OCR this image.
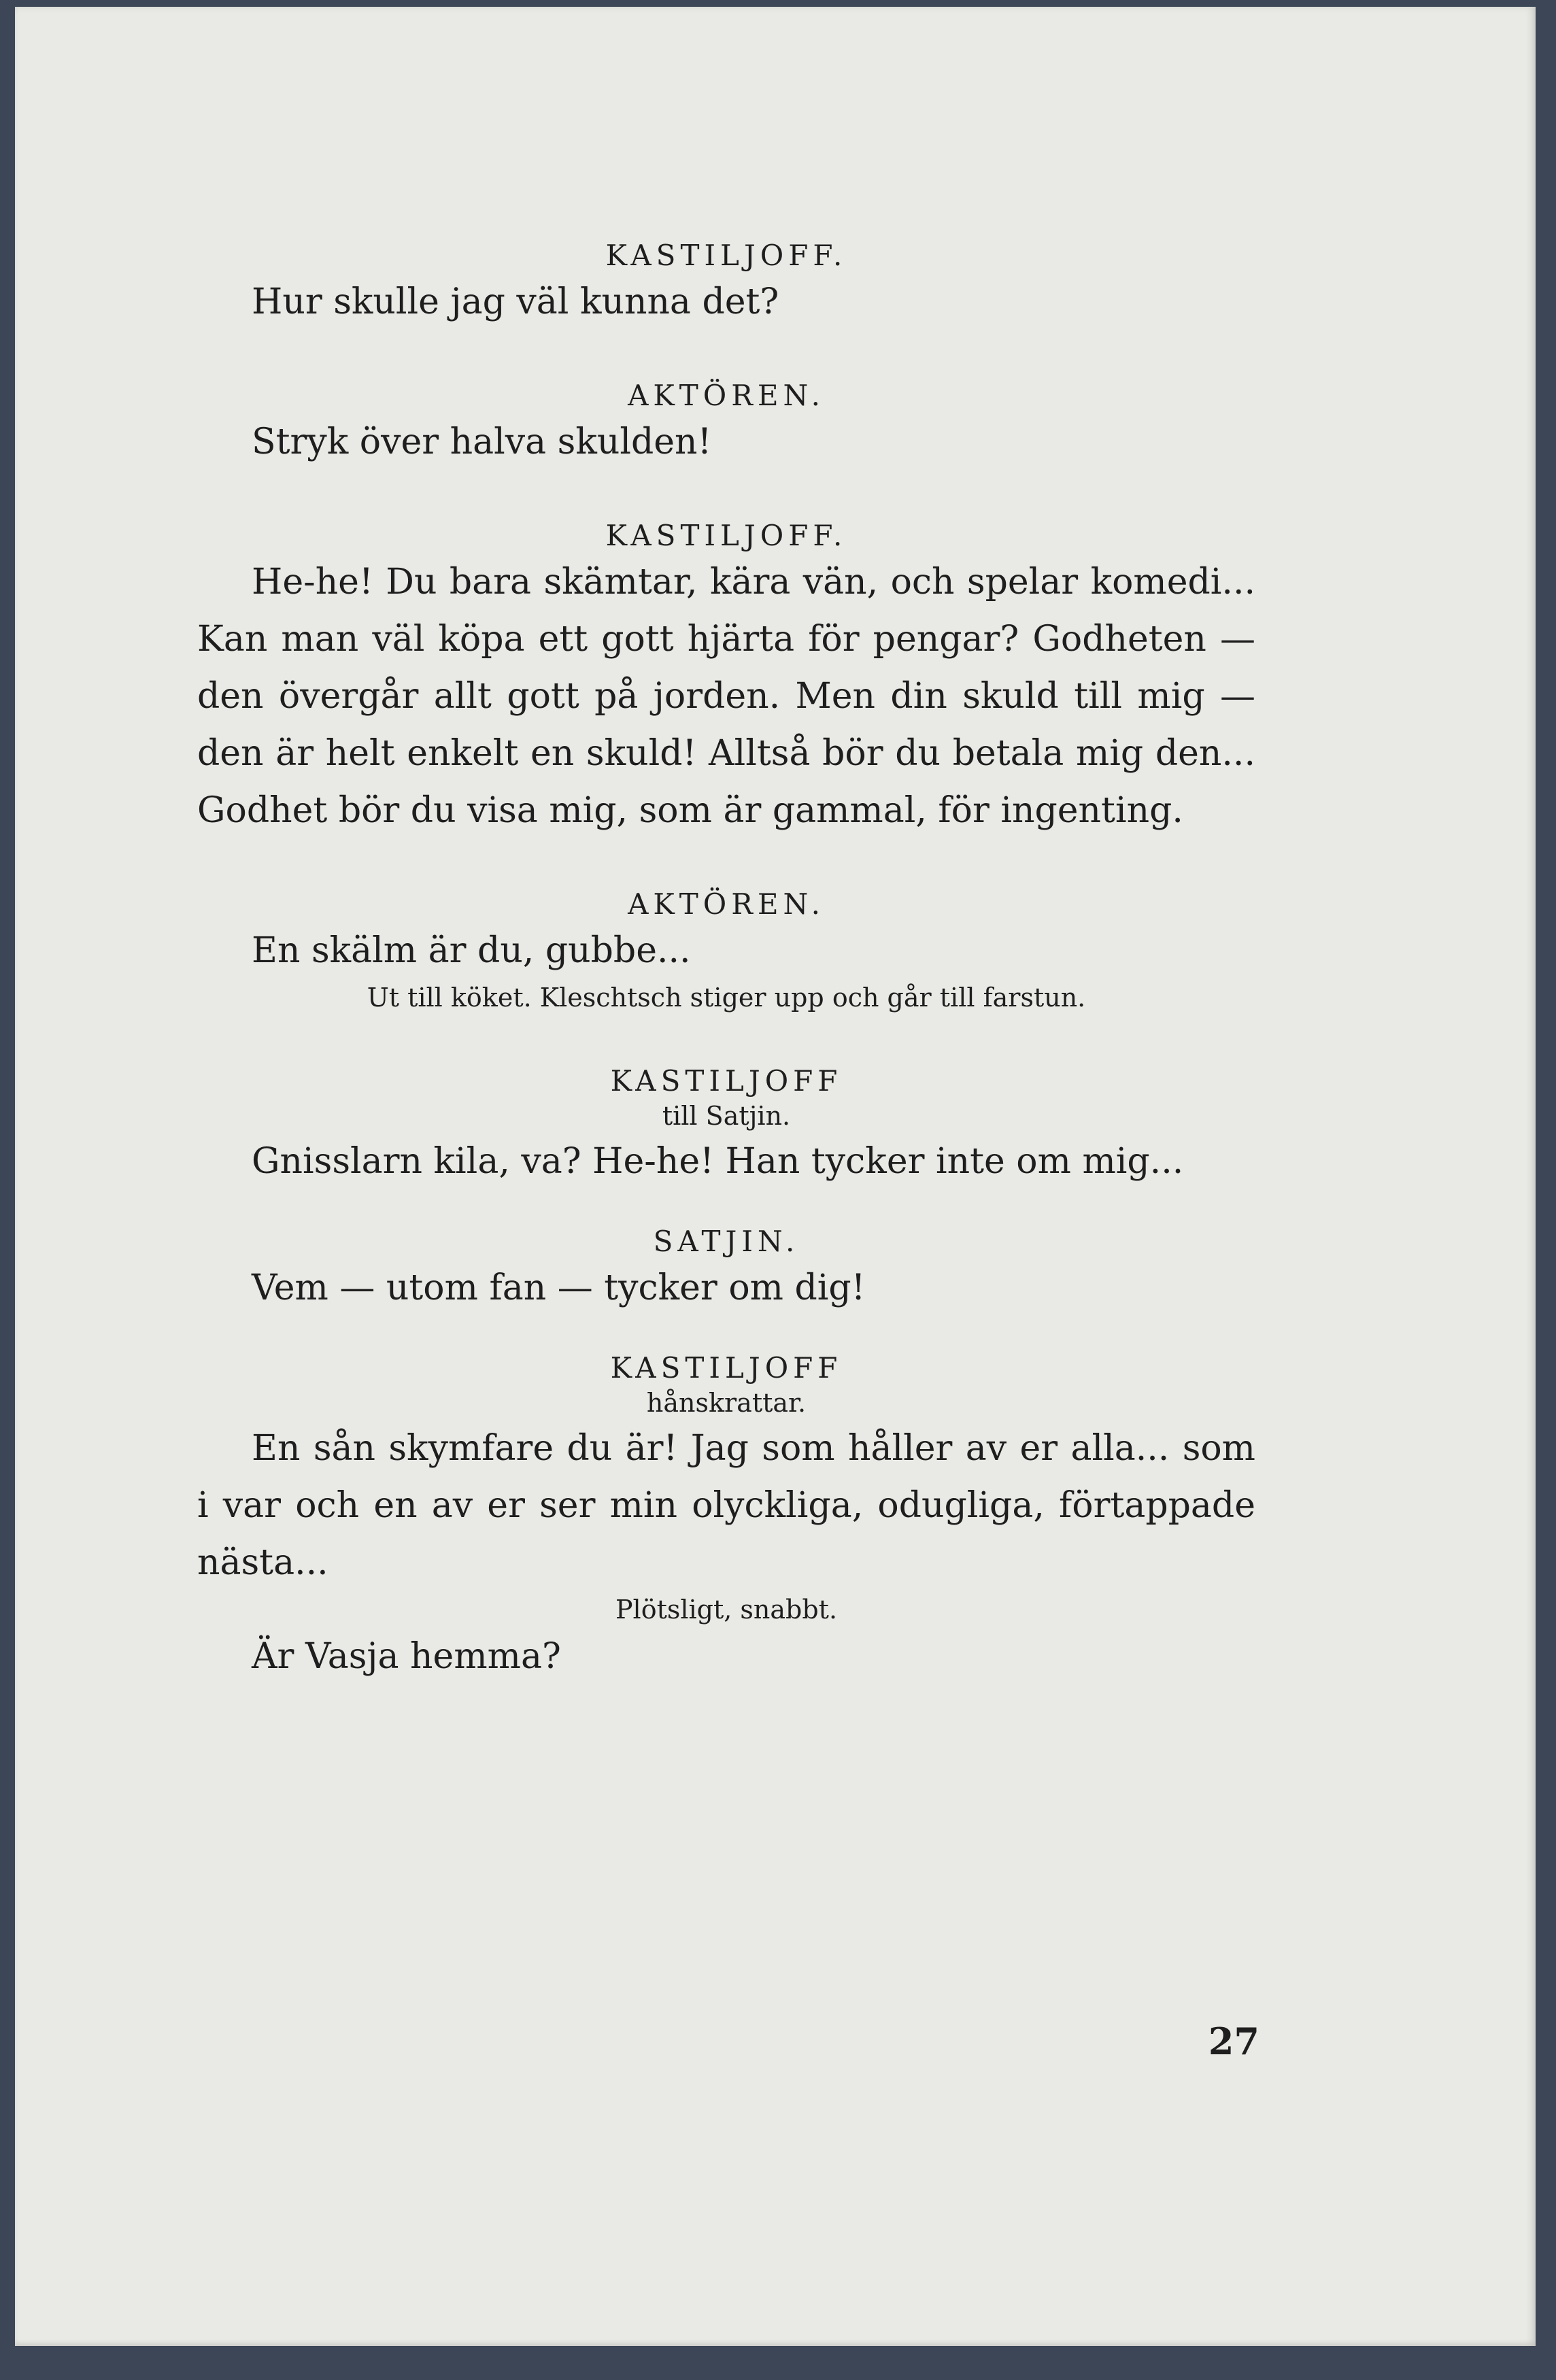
KASTILJOFF.

Hur skulle jag väl kunna det?

AKTÖREN.

Stryk över halva skulden!

KASTILJOFF.

He-he! Du bara skämtar, kära vän, och spelar komedi... Kan man väl köpa ett gott hjärta för pengar? Godheten — den övergår allt gott på jorden. Men din skuld till mig — den är helt enkelt en skuld! Alltså bör du betala mig den... Godhet bör du visa mig, som är gammal, för ingenting.

AKTÖREN.

En skälm är du, gubbe...

Ut till köket. Kleschtsch stiger upp och går till farstun.

KASTILJOFF

till Satjin.

Gnisslarn kila, va? He-he! Han tycker inte om mig...

SATJIN.

Vem — utom fan — tycker om dig!

KASTILJOFF

hånskrattar.

En sån skymfare du är! Jag som håller av er alla... som i var och en av er ser min olyckliga, odugliga, förtappade nästa...

Plötsligt, snabbt.

Är Vasja hemma?

27
